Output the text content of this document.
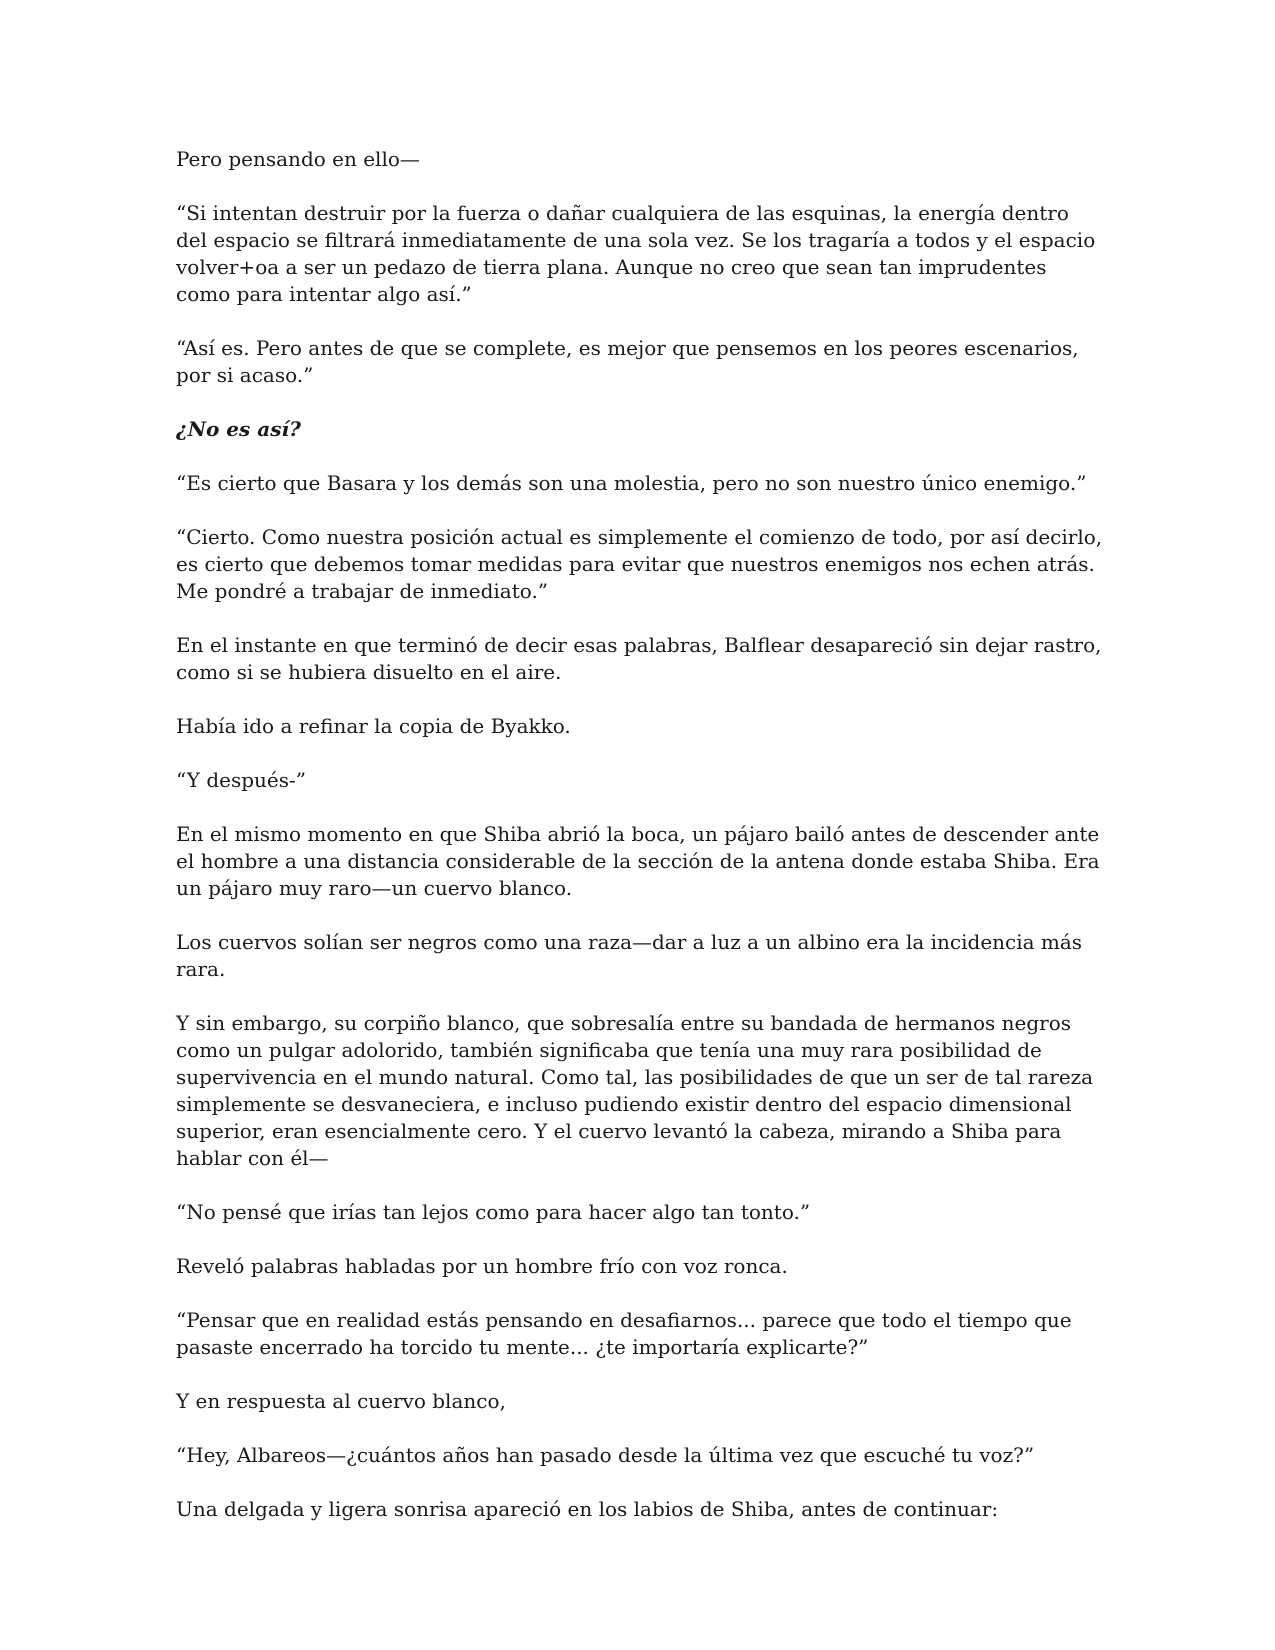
Pero pensando en ello—

“Si intentan destruir por la fuerza o dañar cualquiera de las esquinas, la energía dentro del espacio se filtrará inmediatamente de una sola vez. Se los tragaría a todos y el espacio volver+oa a ser un pedazo de tierra plana. Aunque no creo que sean tan imprudentes como para intentar algo así.”

“Así es. Pero antes de que se complete, es mejor que pensemos en los peores escenarios, por si acaso.”

¿No es así?

“Es cierto que Basara y los demás son una molestia, pero no son nuestro único enemigo.”

“Cierto. Como nuestra posición actual es simplemente el comienzo de todo, por así decirlo, es cierto que debemos tomar medidas para evitar que nuestros enemigos nos echen atrás. Me pondré a trabajar de inmediato.”

En el instante en que terminó de decir esas palabras, Balflear desapareció sin dejar rastro, como si se hubiera disuelto en el aire.

Había ido a refinar la copia de Byakko.

“Y después-”

En el mismo momento en que Shiba abrió la boca, un pájaro bailó antes de descender ante el hombre a una distancia considerable de la sección de la antena donde estaba Shiba. Era un pájaro muy raro—un cuervo blanco.

Los cuervos solían ser negros como una raza—dar a luz a un albino era la incidencia más rara.

Y sin embargo, su corpiño blanco, que sobresalía entre su bandada de hermanos negros como un pulgar adolorido, también significaba que tenía una muy rara posibilidad de supervivencia en el mundo natural. Como tal, las posibilidades de que un ser de tal rareza simplemente se desvaneciera, e incluso pudiendo existir dentro del espacio dimensional superior, eran esencialmente cero. Y el cuervo levantó la cabeza, mirando a Shiba para hablar con él—

“No pensé que irías tan lejos como para hacer algo tan tonto.”

Reveló palabras habladas por un hombre frío con voz ronca.

“Pensar que en realidad estás pensando en desafiarnos... parece que todo el tiempo que pasaste encerrado ha torcido tu mente... ¿te importaría explicarte?”

Y en respuesta al cuervo blanco,

“Hey, Albareos—¿cuántos años han pasado desde la última vez que escuché tu voz?”

Una delgada y ligera sonrisa apareció en los labios de Shiba, antes de continuar:
